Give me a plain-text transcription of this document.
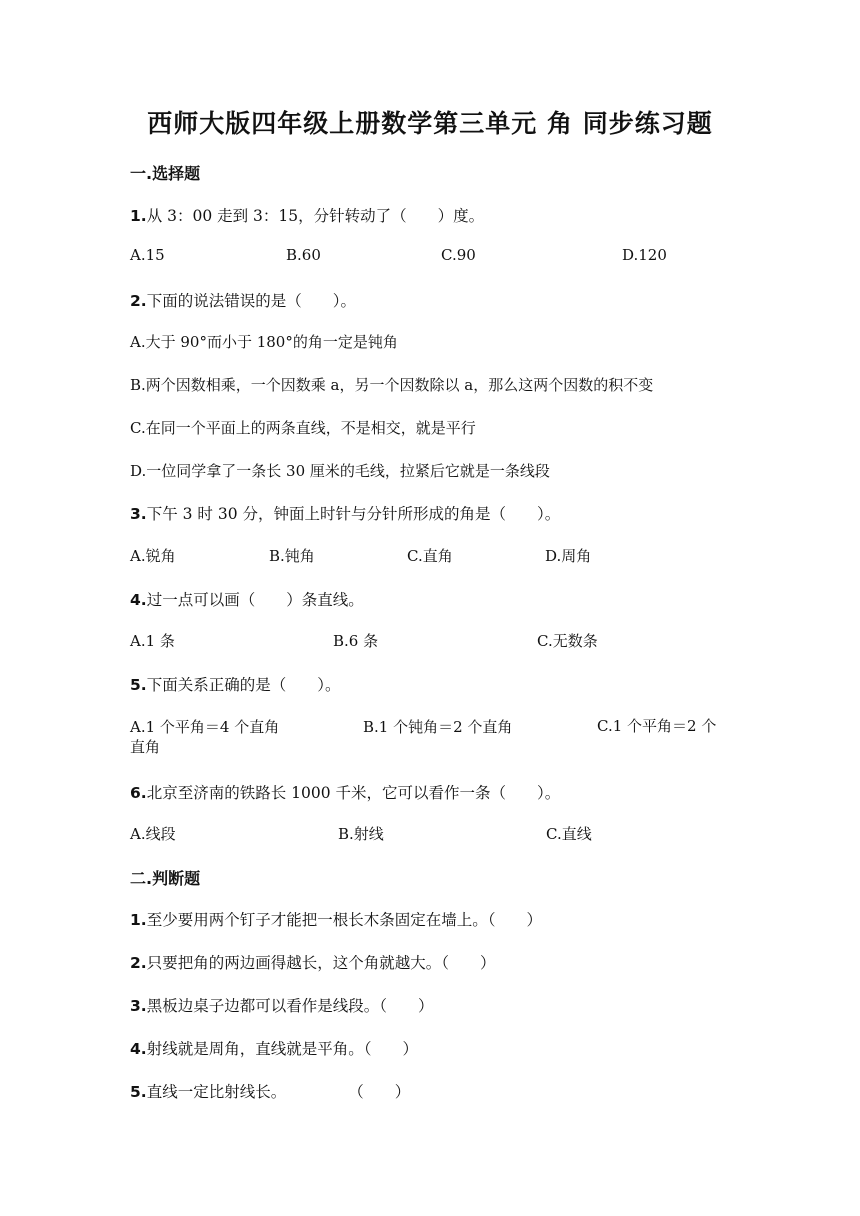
西师大版四年级上册数学第三单元 角 同步练习题
一.选择题
1.从 3：00 走到 3：15，分针转动了（　　）度。
A.15	B.60	C.90	D.120
2.下面的说法错误的是（　　）。
A.大于 90°而小于 180°的角一定是钝角
B.两个因数相乘，一个因数乘 a，另一个因数除以 a，那么这两个因数的积不变
C.在同一个平面上的两条直线，不是相交，就是平行
D.一位同学拿了一条长 30 厘米的毛线，拉紧后它就是一条线段
3.下午 3 时 30 分，钟面上时针与分针所形成的角是（　　）。
A.锐角	B.钝角	C.直角	D.周角
4.过一点可以画（　　）条直线。
A.1 条	B.6 条	C.无数条
5.下面关系正确的是（　　）。
A.1 个平角＝4 个直角	B.1 个钝角＝2 个直角	C.1 个平角＝2 个直角
6.北京至济南的铁路长 1000 千米，它可以看作一条（　　）。
A.线段	B.射线	C.直线
二.判断题
1.至少要用两个钉子才能把一根长木条固定在墙上。（　　）
2.只要把角的两边画得越长，这个角就越大。（　　）
3.黑板边桌子边都可以看作是线段。（　　）
4.射线就是周角，直线就是平角。（　　）
5.直线一定比射线长。　　　　　（　　）
